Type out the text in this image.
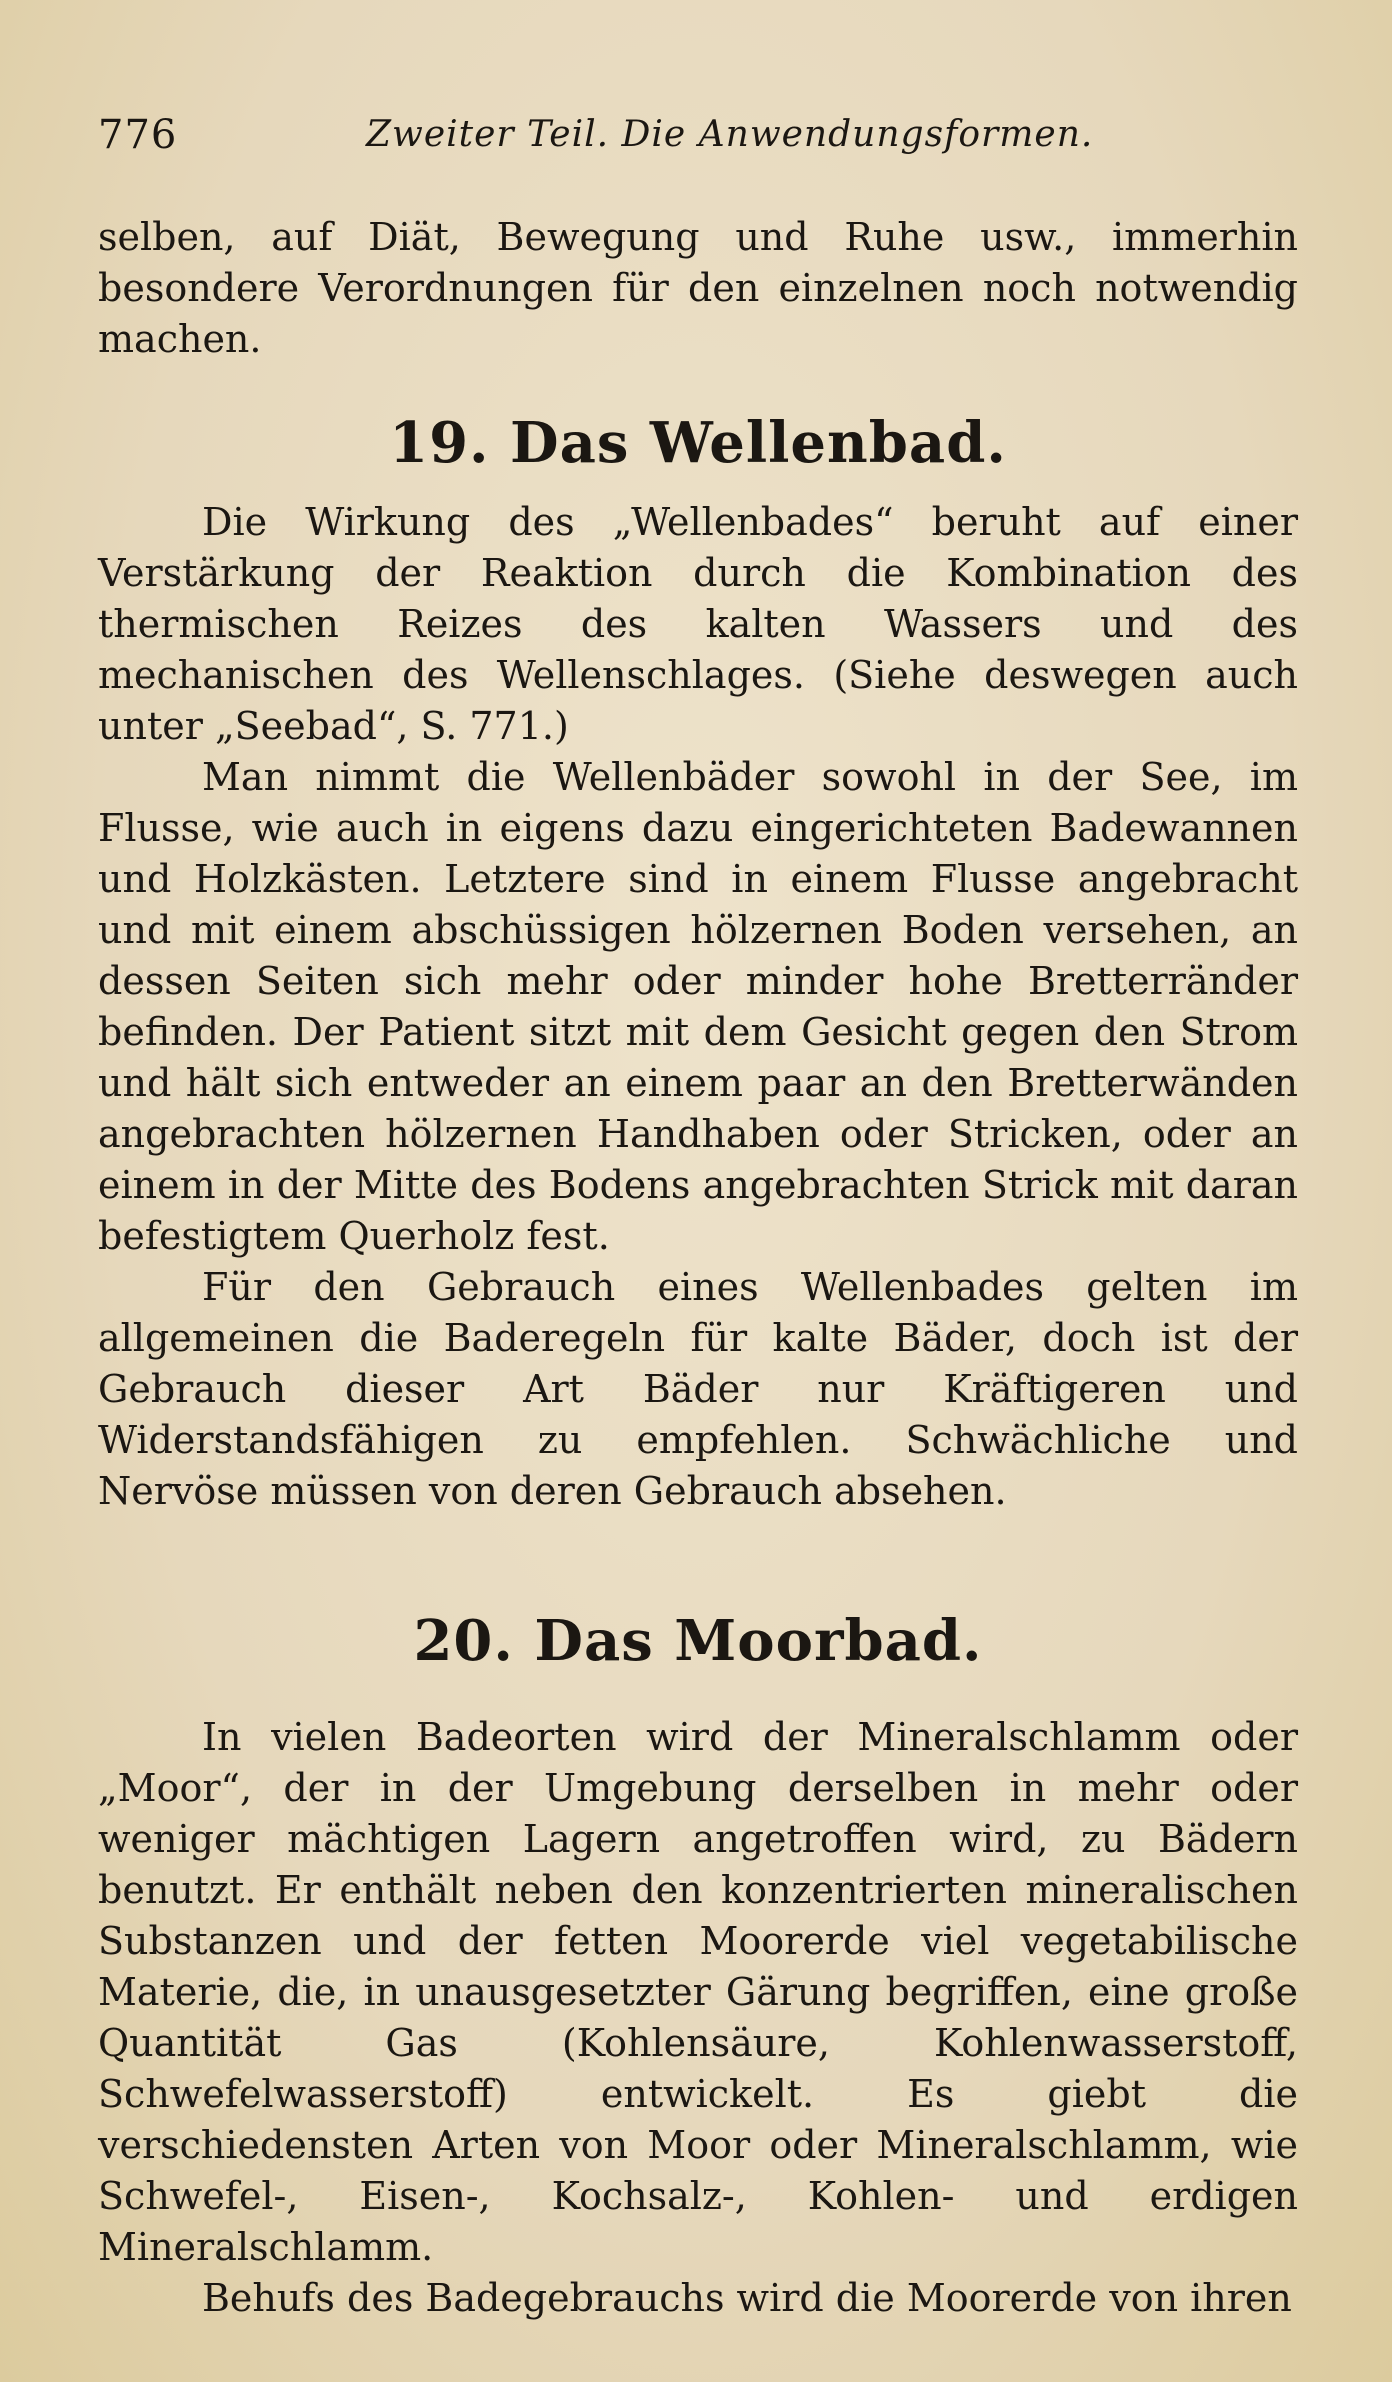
776	Zweiter Teil. Die Anwendungsformen.

selben, auf Diät, Bewegung und Ruhe usw., immerhin besondere Verordnungen für den einzelnen noch notwendig machen.

19. Das Wellenbad.

Die Wirkung des „Wellenbades“ beruht auf einer Verstärkung der Reaktion durch die Kombination des thermischen Reizes des kalten Wassers und des mechanischen des Wellenschlages. (Siehe deswegen auch unter „Seebad“, S. 771.)

Man nimmt die Wellenbäder sowohl in der See, im Flusse, wie auch in eigens dazu eingerichteten Badewannen und Holzkästen. Letztere sind in einem Flusse angebracht und mit einem abschüssigen hölzernen Boden versehen, an dessen Seiten sich mehr oder minder hohe Bretterränder befinden. Der Patient sitzt mit dem Gesicht gegen den Strom und hält sich entweder an einem paar an den Bretterwänden angebrachten hölzernen Handhaben oder Stricken, oder an einem in der Mitte des Bodens angebrachten Strick mit daran befestigtem Querholz fest.

Für den Gebrauch eines Wellenbades gelten im allgemeinen die Baderegeln für kalte Bäder, doch ist der Gebrauch dieser Art Bäder nur Kräftigeren und Widerstandsfähigen zu empfehlen. Schwächliche und Nervöse müssen von deren Gebrauch absehen.

20. Das Moorbad.

In vielen Badeorten wird der Mineralschlamm oder „Moor“, der in der Umgebung derselben in mehr oder weniger mächtigen Lagern angetroffen wird, zu Bädern benutzt. Er enthält neben den konzentrierten mineralischen Substanzen und der fetten Moorerde viel vegetabilische Materie, die, in unausgesetzter Gärung begriffen, eine große Quantität Gas (Kohlensäure, Kohlenwasserstoff, Schwefelwasserstoff) entwickelt. Es giebt die verschiedensten Arten von Moor oder Mineralschlamm, wie Schwefel-, Eisen-, Kochsalz-, Kohlen- und erdigen Mineralschlamm.

Behufs des Badegebrauchs wird die Moorerde von ihren
